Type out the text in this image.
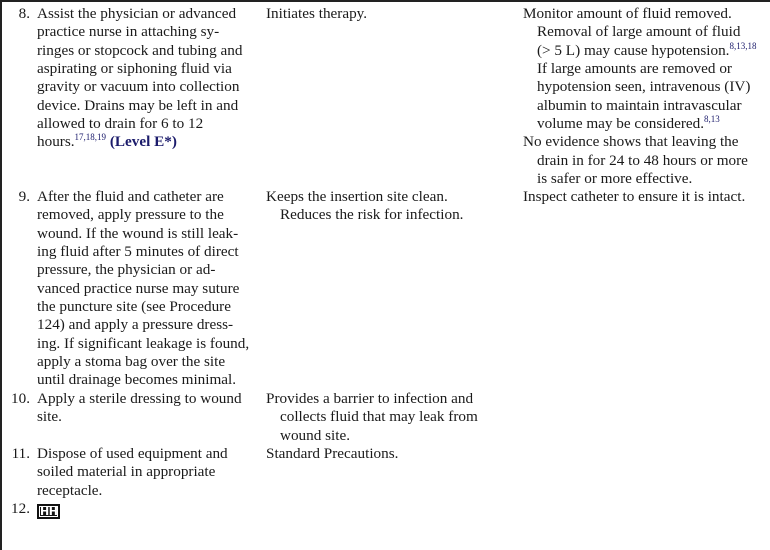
8. Assist the physician or advanced
practice nurse in attaching sy-
ringes or stopcock and tubing and
aspirating or siphoning fluid via
gravity or vacuum into collection
device. Drains may be left in and
allowed to drain for 6 to 12
hours.$^{17,18,19}$ (Level E*)
Initiates therapy.	Monitor amount of fluid removed.
Removal of large amount of fluid
(> 5 L) may cause hypotension.$^{8,13,18}$
If large amounts are removed or
hypotension seen, intravenous (IV)
albumin to maintain intravascular
volume may be considered.$^{8,13}$
No evidence shows that leaving the
drain in for 24 to 48 hours or more
is safer or more effective.
9. After the fluid and catheter are
removed, apply pressure to the
wound. If the wound is still leak-
ing fluid after 5 minutes of direct
pressure, the physician or ad-
vanced practice nurse may suture
the puncture site (see Procedure
124) and apply a pressure dress-
ing. If significant leakage is found,
apply a stoma bag over the site
until drainage becomes minimal.
Keeps the insertion site clean.
Reduces the risk for infection.
Inspect catheter to ensure it is intact.
10. Apply a sterile dressing to wound
site.
Provides a barrier to infection and
collects fluid that may leak from
wound site.
11. Dispose of used equipment and
soiled material in appropriate
receptacle.
Standard Precautions.
12. HH
